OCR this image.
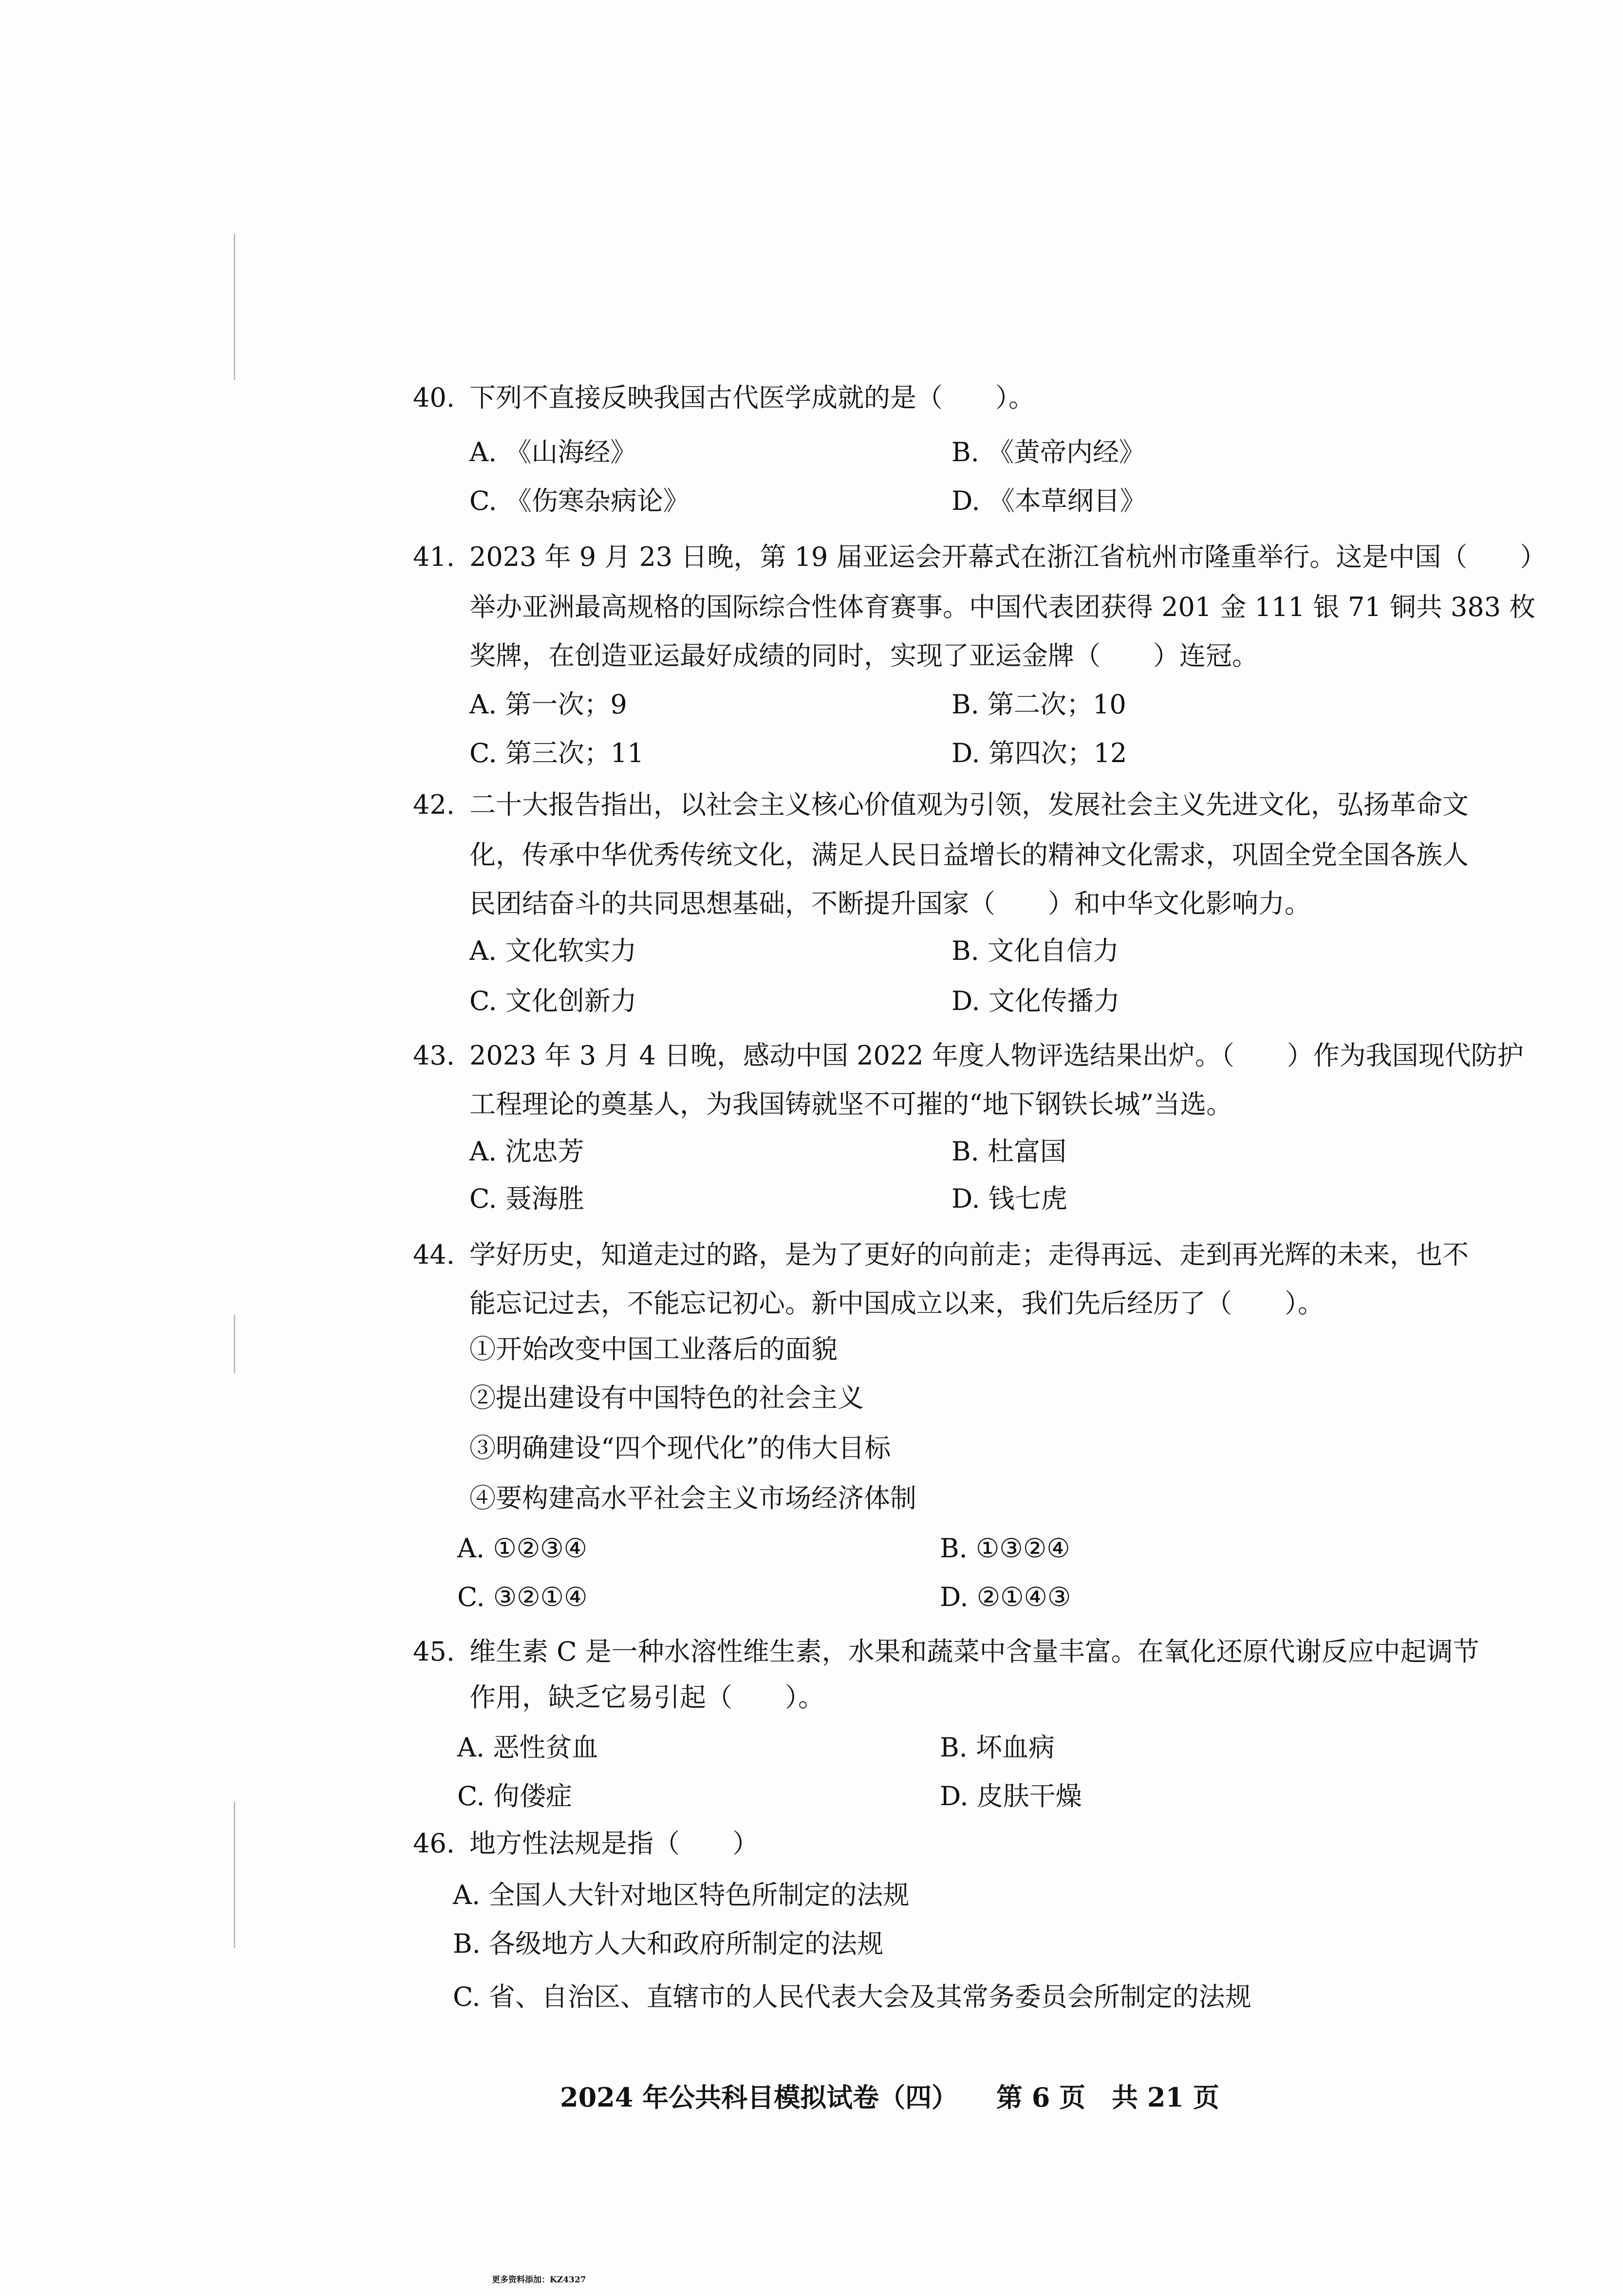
40. 下列不直接反映我国古代医学成就的是（　　）。
A. 《山海经》	B. 《黄帝内经》
C. 《伤寒杂病论》	D. 《本草纲目》
41. 2023 年 9 月 23 日晚，第 19 届亚运会开幕式在浙江省杭州市隆重举行。这是中国（　　）
举办亚洲最高规格的国际综合性体育赛事。中国代表团获得 201 金 111 银 71 铜共 383 枚
奖牌，在创造亚运最好成绩的同时，实现了亚运金牌（　　）连冠。
A. 第一次；9	B. 第二次；10
C. 第三次；11	D. 第四次；12
42. 二十大报告指出，以社会主义核心价值观为引领，发展社会主义先进文化，弘扬革命文
化，传承中华优秀传统文化，满足人民日益增长的精神文化需求，巩固全党全国各族人
民团结奋斗的共同思想基础，不断提升国家（　　）和中华文化影响力。
A. 文化软实力	B. 文化自信力
C. 文化创新力	D. 文化传播力
43. 2023 年 3 月 4 日晚，感动中国 2022 年度人物评选结果出炉。（　　）作为我国现代防护
工程理论的奠基人，为我国铸就坚不可摧的“地下钢铁长城”当选。
A. 沈忠芳	B. 杜富国
C. 聂海胜	D. 钱七虎
44. 学好历史，知道走过的路，是为了更好的向前走；走得再远、走到再光辉的未来，也不
能忘记过去，不能忘记初心。新中国成立以来，我们先后经历了（　　）。
①开始改变中国工业落后的面貌
②提出建设有中国特色的社会主义
③明确建设“四个现代化”的伟大目标
④要构建高水平社会主义市场经济体制
A. ①②③④	B. ①③②④
C. ③②①④	D. ②①④③
45. 维生素 C 是一种水溶性维生素，水果和蔬菜中含量丰富。在氧化还原代谢反应中起调节
作用，缺乏它易引起（　　）。
A. 恶性贫血	B. 坏血病
C. 佝偻症	D. 皮肤干燥
46. 地方性法规是指（　　）
A. 全国人大针对地区特色所制定的法规
B. 各级地方人大和政府所制定的法规
C. 省、自治区、直辖市的人民代表大会及其常务委员会所制定的法规
2024 年公共科目模拟试卷（四） 第 6 页　共 21 页
更多资料添加：KZ4327
